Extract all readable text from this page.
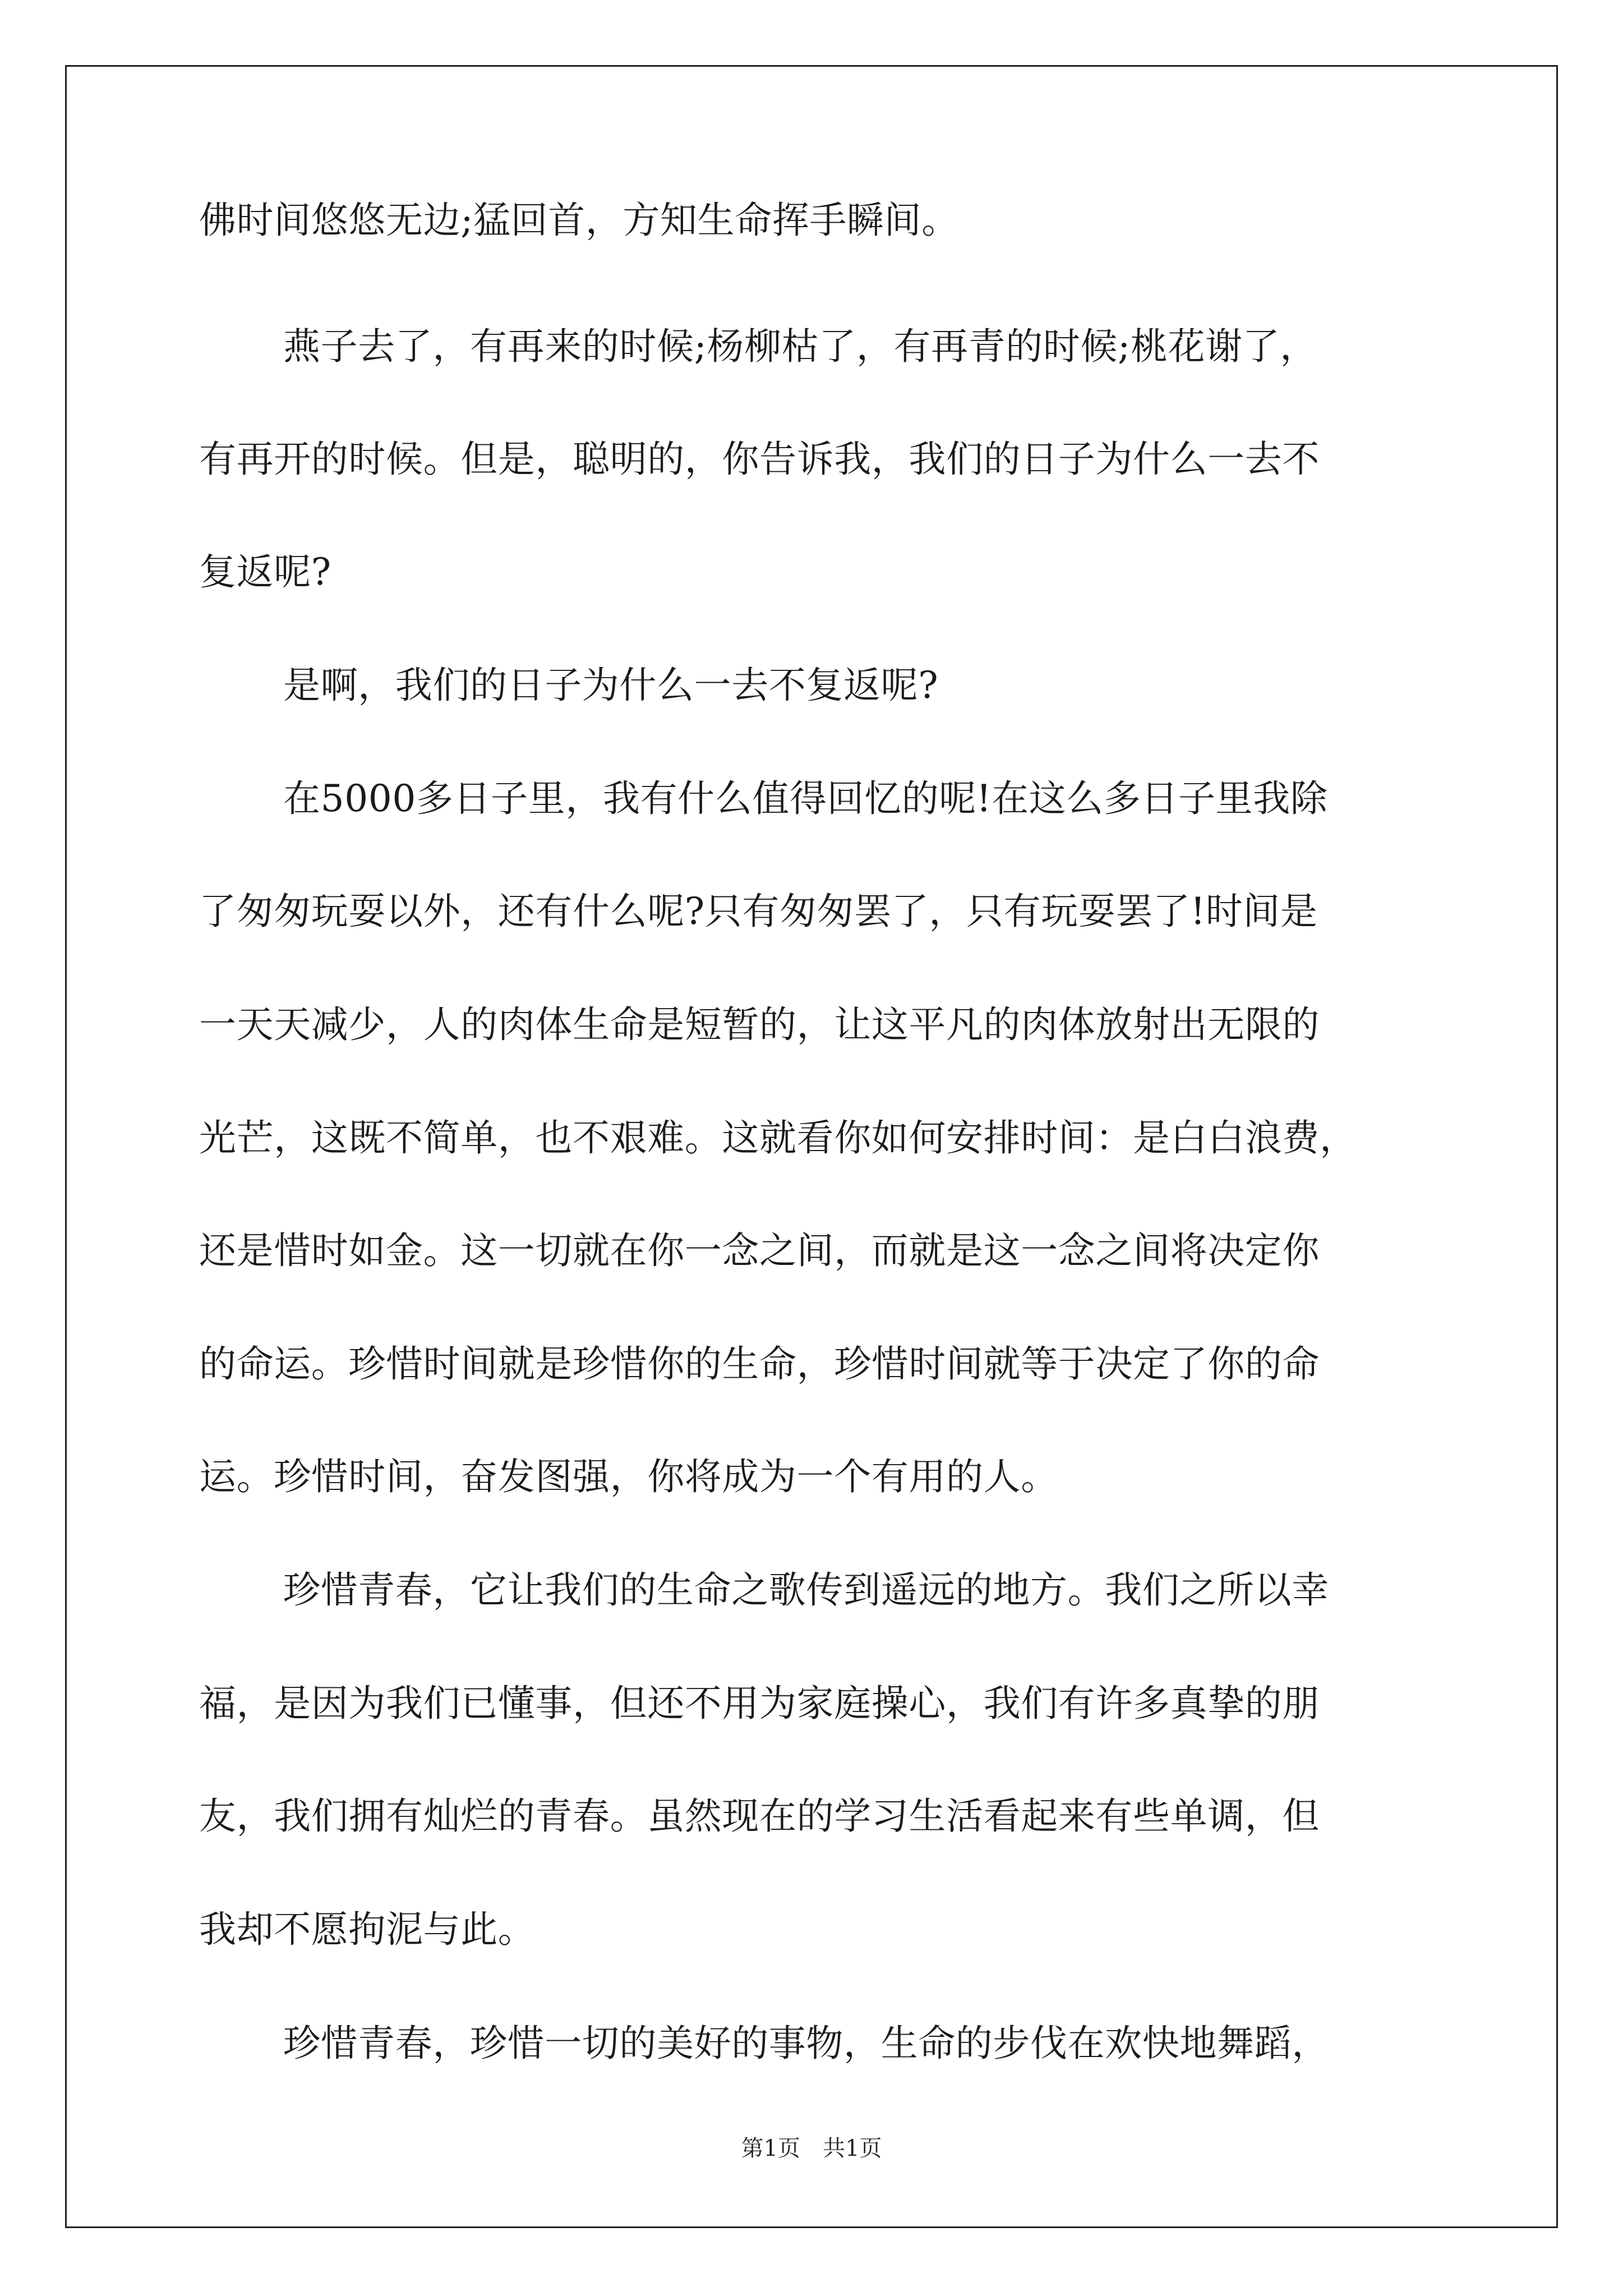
佛时间悠悠无边;猛回首，方知生命挥手瞬间。
燕子去了，有再来的时候;杨柳枯了，有再青的时候;桃花谢了，
有再开的时候。但是，聪明的，你告诉我，我们的日子为什么一去不
复返呢?
是啊，我们的日子为什么一去不复返呢?
在5000多日子里，我有什么值得回忆的呢!在这么多日子里我除
了匆匆玩耍以外，还有什么呢?只有匆匆罢了，只有玩耍罢了!时间是
一天天减少，人的肉体生命是短暂的，让这平凡的肉体放射出无限的
光芒，这既不简单，也不艰难。这就看你如何安排时间：是白白浪费，
还是惜时如金。这一切就在你一念之间，而就是这一念之间将决定你
的命运。珍惜时间就是珍惜你的生命，珍惜时间就等于决定了你的命
运。珍惜时间，奋发图强，你将成为一个有用的人。
珍惜青春，它让我们的生命之歌传到遥远的地方。我们之所以幸
福，是因为我们已懂事，但还不用为家庭操心，我们有许多真挚的朋
友，我们拥有灿烂的青春。虽然现在的学习生活看起来有些单调，但
我却不愿拘泥与此。
珍惜青春，珍惜一切的美好的事物，生命的步伐在欢快地舞蹈，
第1页 共1页
